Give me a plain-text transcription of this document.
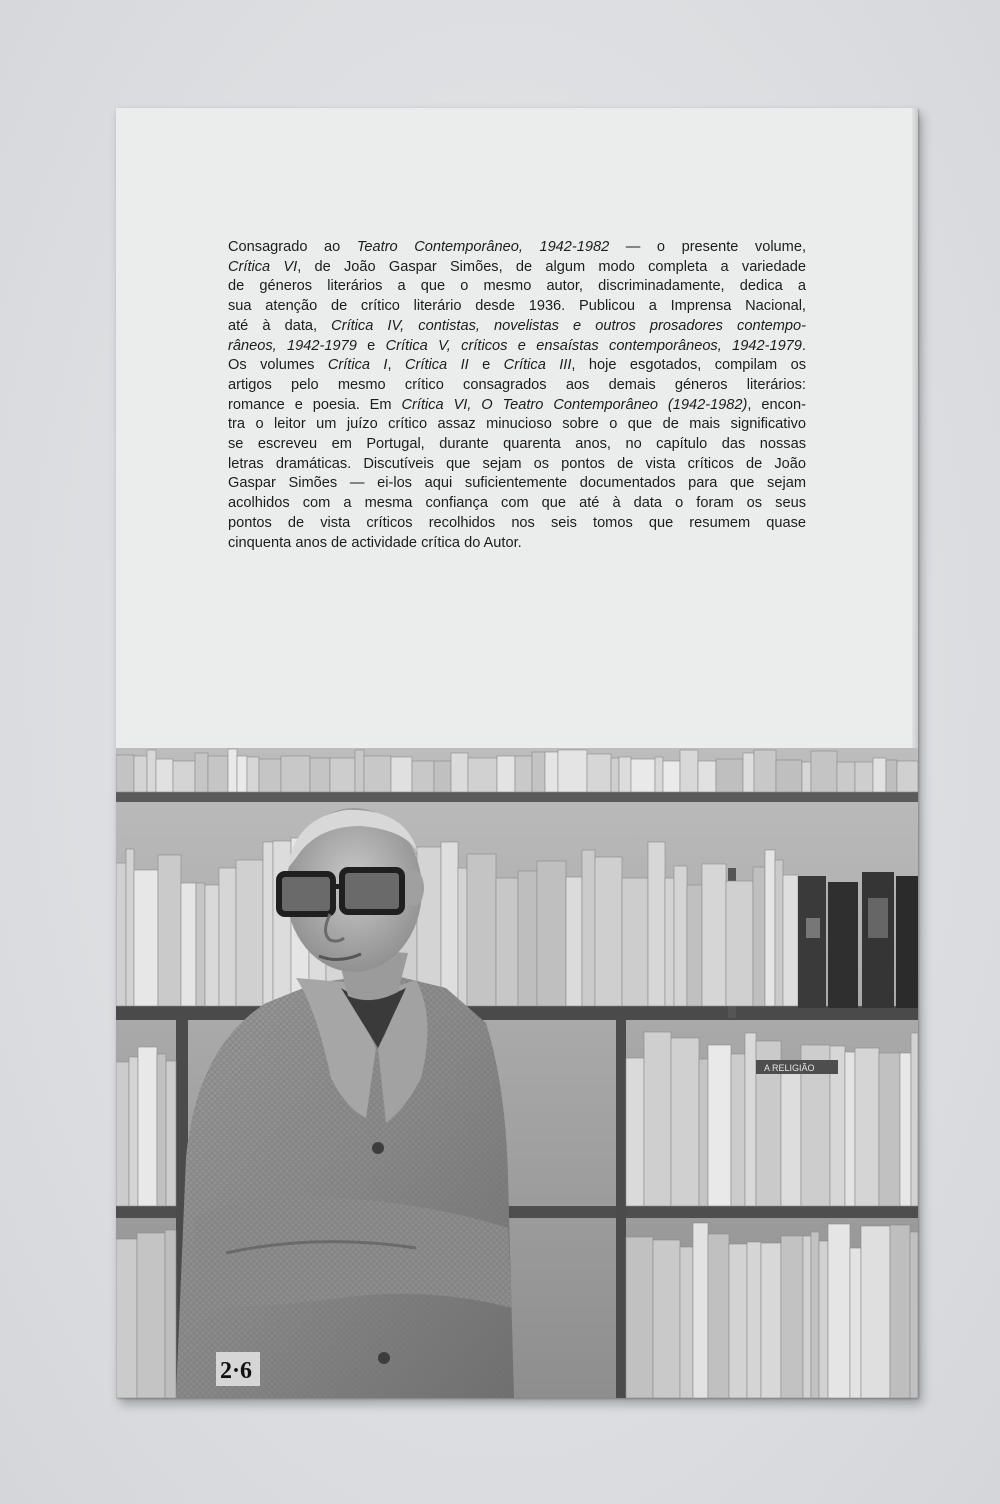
Consagrado ao Teatro Contemporâneo, 1942-1982 — o presente volume,
Crítica VI, de João Gaspar Simões, de algum modo completa a variedade
de géneros literários a que o mesmo autor, discriminadamente, dedica a
sua atenção de crítico literário desde 1936. Publicou a Imprensa Nacional,
até à data, Crítica IV, contistas, novelistas e outros prosadores contempo-
râneos, 1942-1979 e Crítica V, críticos e ensaístas contemporâneos, 1942-1979.
Os volumes Crítica I, Crítica II e Crítica III, hoje esgotados, compilam os
artigos pelo mesmo crítico consagrados aos demais géneros literários:
romance e poesia. Em Crítica VI, O Teatro Contemporâneo (1942-1982), encon-
tra o leitor um juízo crítico assaz minucioso sobre o que de mais significativo
se escreveu em Portugal, durante quarenta anos, no capítulo das nossas
letras dramáticas. Discutíveis que sejam os pontos de vista críticos de João
Gaspar Simões — ei-los aqui suficientemente documentados para que sejam
acolhidos com a mesma confiança com que até à data o foram os seus
pontos de vista críticos recolhidos nos seis tomos que resumem quase
cinquenta anos de actividade crítica do Autor.

2·6
A RELIGIÃO
